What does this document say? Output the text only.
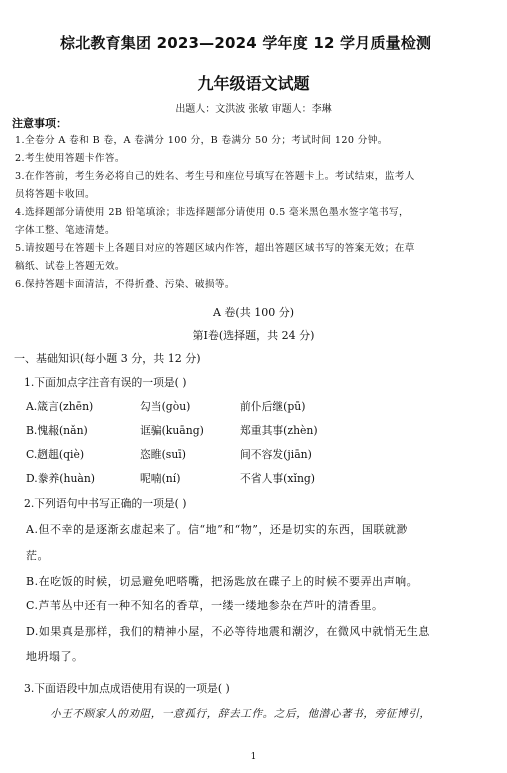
棕北教育集团 2023—2024 学年度 12 学月质量检测
九年级语文试题
出题人：文洪波 张敏 审题人：李琳
注意事项：
1.全卷分 A 卷和 B 卷，A 卷满分 100 分，B 卷满分 50 分；考试时间 120 分钟。
2.考生使用答题卡作答。
3.在作答前，考生务必将自己的姓名、考生号和座位号填写在答题卡上。考试结束，监考人
员将答题卡收回。
4.选择题部分请使用 2B 铅笔填涂；非选择题部分请使用 0.5 毫米黑色墨水签字笔书写，
字体工整、笔迹清楚。
5.请按题号在答题卡上各题目对应的答题区域内作答，超出答题区域书写的答案无效；在草
稿纸、试卷上答题无效。
6.保持答题卡面清洁，不得折叠、污染、破损等。
A 卷(共 100 分)
第Ⅰ卷(选择题，共 24 分)
一、基础知识(每小题 3 分，共 12 分)
1.下面加点字注音有误的一项是( )
A.箴言(zhēn)	勾当(gòu)	前仆后继(pū)
B.愧赧(nǎn)	诓骗(kuāng)	郑重其事(zhèn)
C.趔趄(qiè)	恣睢(suī)	间不容发(jiān)
D.豢养(huàn)	呢喃(ní)	不省人事(xǐng)
2.下列语句中书写正确的一项是( )
A.但不幸的是逐渐玄虚起来了。信“地”和“物”，还是切实的东西，国联就渺
茫。
B.在吃饭的时候，切忌避免吧嗒嘴，把汤匙放在碟子上的时候不要弄出声响。
C.芦苇丛中还有一种不知名的香草，一缕一缕地参杂在芦叶的清香里。
D.如果真是那样，我们的精神小屋，不必等待地震和潮汐，在微风中就悄无生息
地坍塌了。
3.下面语段中加点成语使用有误的一项是( )
小王不顾家人的劝阻，一意孤行，辞去工作。之后，他潜心著书，旁征博引，
1
